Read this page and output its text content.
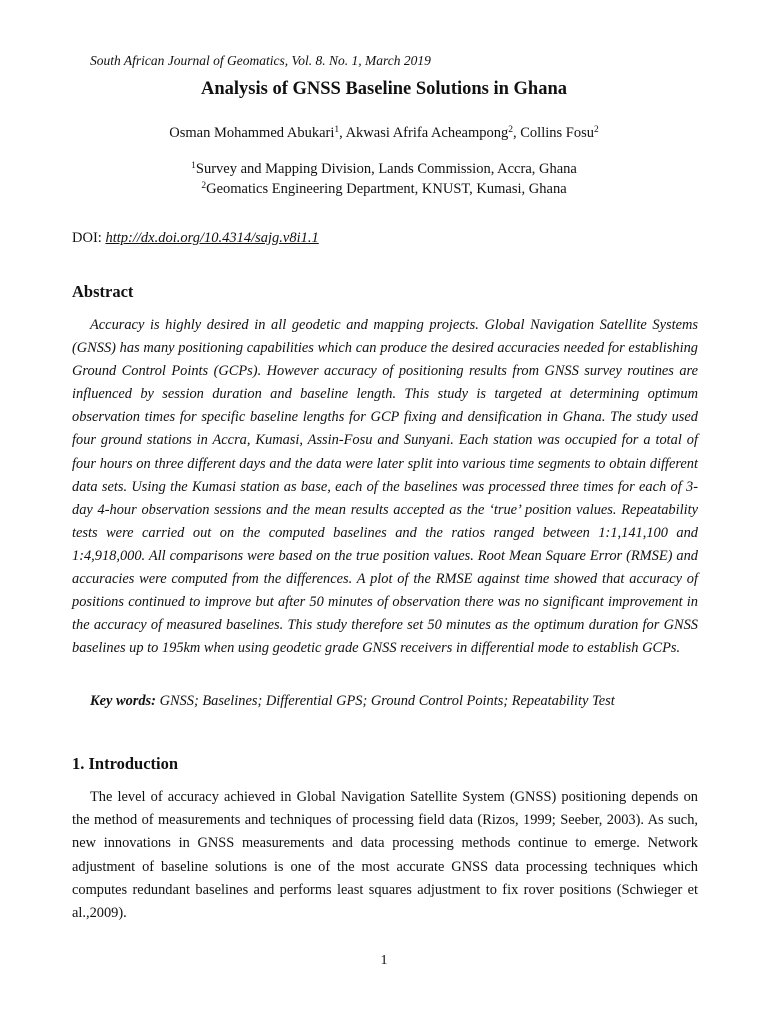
South African Journal of Geomatics, Vol. 8. No. 1, March 2019
Analysis of GNSS Baseline Solutions in Ghana
Osman Mohammed Abukari$^1$, Akwasi Afrifa Acheampong$^2$, Collins Fosu$^2$
$^1$Survey and Mapping Division, Lands Commission, Accra, Ghana
$^2$Geomatics Engineering Department, KNUST, Kumasi, Ghana
DOI: http://dx.doi.org/10.4314/sajg.v8i1.1
Abstract

Accuracy is highly desired in all geodetic and mapping projects. Global Navigation Satellite Systems (GNSS) has many positioning capabilities which can produce the desired accuracies needed for establishing Ground Control Points (GCPs). However accuracy of positioning results from GNSS survey routines are influenced by session duration and baseline length. This study is targeted at determining optimum observation times for specific baseline lengths for GCP fixing and densification in Ghana. The study used four ground stations in Accra, Kumasi, Assin-Fosu and Sunyani. Each station was occupied for a total of four hours on three different days and the data were later split into various time segments to obtain different data sets. Using the Kumasi station as base, each of the baselines was processed three times for each of 3-day 4-hour observation sessions and the mean results accepted as the ‘true’ position values. Repeatability tests were carried out on the computed baselines and the ratios ranged between 1:1,141,100 and 1:4,918,000. All comparisons were based on the true position values. Root Mean Square Error (RMSE) and accuracies were computed from the differences. A plot of the RMSE against time showed that accuracy of positions continued to improve but after 50 minutes of observation there was no significant improvement in the accuracy of measured baselines. This study therefore set 50 minutes as the optimum duration for GNSS baselines up to 195km when using geodetic grade GNSS receivers in differential mode to establish GCPs.

Key words: GNSS; Baselines; Differential GPS; Ground Control Points; Repeatability Test
1. Introduction

The level of accuracy achieved in Global Navigation Satellite System (GNSS) positioning depends on the method of measurements and techniques of processing field data (Rizos, 1999; Seeber, 2003). As such, new innovations in GNSS measurements and data processing methods continue to emerge. Network adjustment of baseline solutions is one of the most accurate GNSS data processing techniques which computes redundant baselines and performs least squares adjustment to fix rover positions (Schwieger et al.,2009).

1
